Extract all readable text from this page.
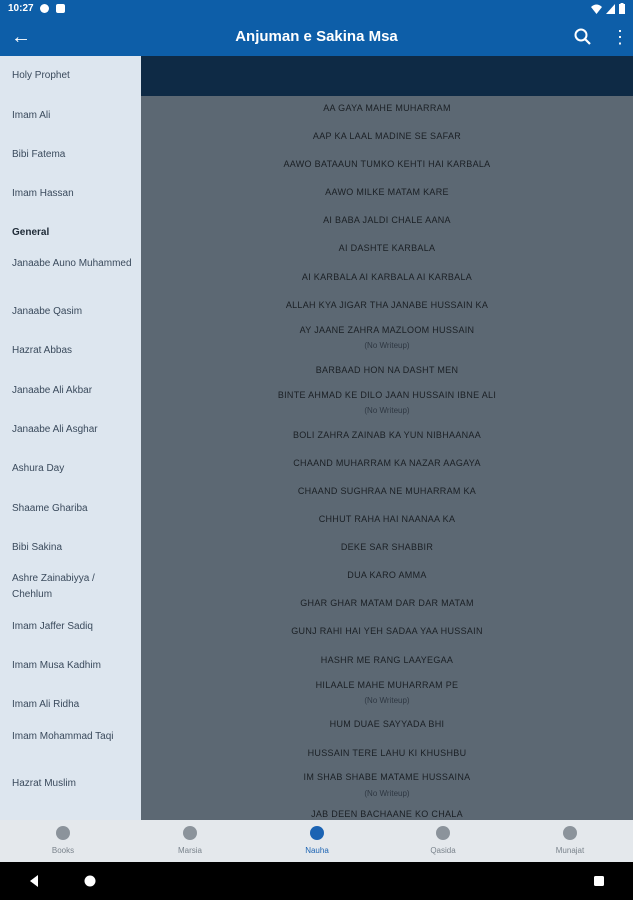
10:27
←	Anjuman e Sakina Msa	⋮
Holy Prophet
Imam Ali
Bibi Fatema
Imam Hassan
General
Janaabe Auno Muhammed
Janaabe Qasim
Hazrat Abbas
Janaabe Ali Akbar
Janaabe Ali Asghar
Ashura Day
Shaame Ghariba
Bibi Sakina
Ashre Zainabiyya / Chehlum
Imam Jaffer Sadiq
Imam Musa Kadhim
Imam Ali Ridha
Imam Mohammad Taqi
Hazrat Muslim
AA GAYA MAHE MUHARRAM
AAP KA LAAL MADINE SE SAFAR
AAWO BATAAUN TUMKO KEHTI HAI KARBALA
AAWO MILKE MATAM KARE
AI BABA JALDI CHALE AANA
AI DASHTE KARBALA
AI KARBALA AI KARBALA AI KARBALA
ALLAH KYA JIGAR THA JANABE HUSSAIN KA
AY JAANE ZAHRA MAZLOOM HUSSAIN
(No Writeup)
BARBAAD HON NA DASHT MEN
BINTE AHMAD KE DILO JAAN HUSSAIN IBNE ALI
(No Writeup)
BOLI ZAHRA ZAINAB KA YUN NIBHAANAA
CHAAND MUHARRAM KA NAZAR AAGAYA
CHAAND SUGHRAA NE MUHARRAM KA
CHHUT RAHA HAI NAANAA KA
DEKE SAR SHABBIR
DUA KARO AMMA
GHAR GHAR MATAM DAR DAR MATAM
GUNJ RAHI HAI YEH SADAA YAA HUSSAIN
HASHR ME RANG LAAYEGAA
HILAALE MAHE MUHARRAM PE
(No Writeup)
HUM DUAE SAYYADA BHI
HUSSAIN TERE LAHU KI KHUSHBU
IM SHAB SHABE MATAME HUSSAINA
(No Writeup)
JAB DEEN BACHAANE KO CHALA
Books	Marsia	Nauha	Qasida	Munajat
